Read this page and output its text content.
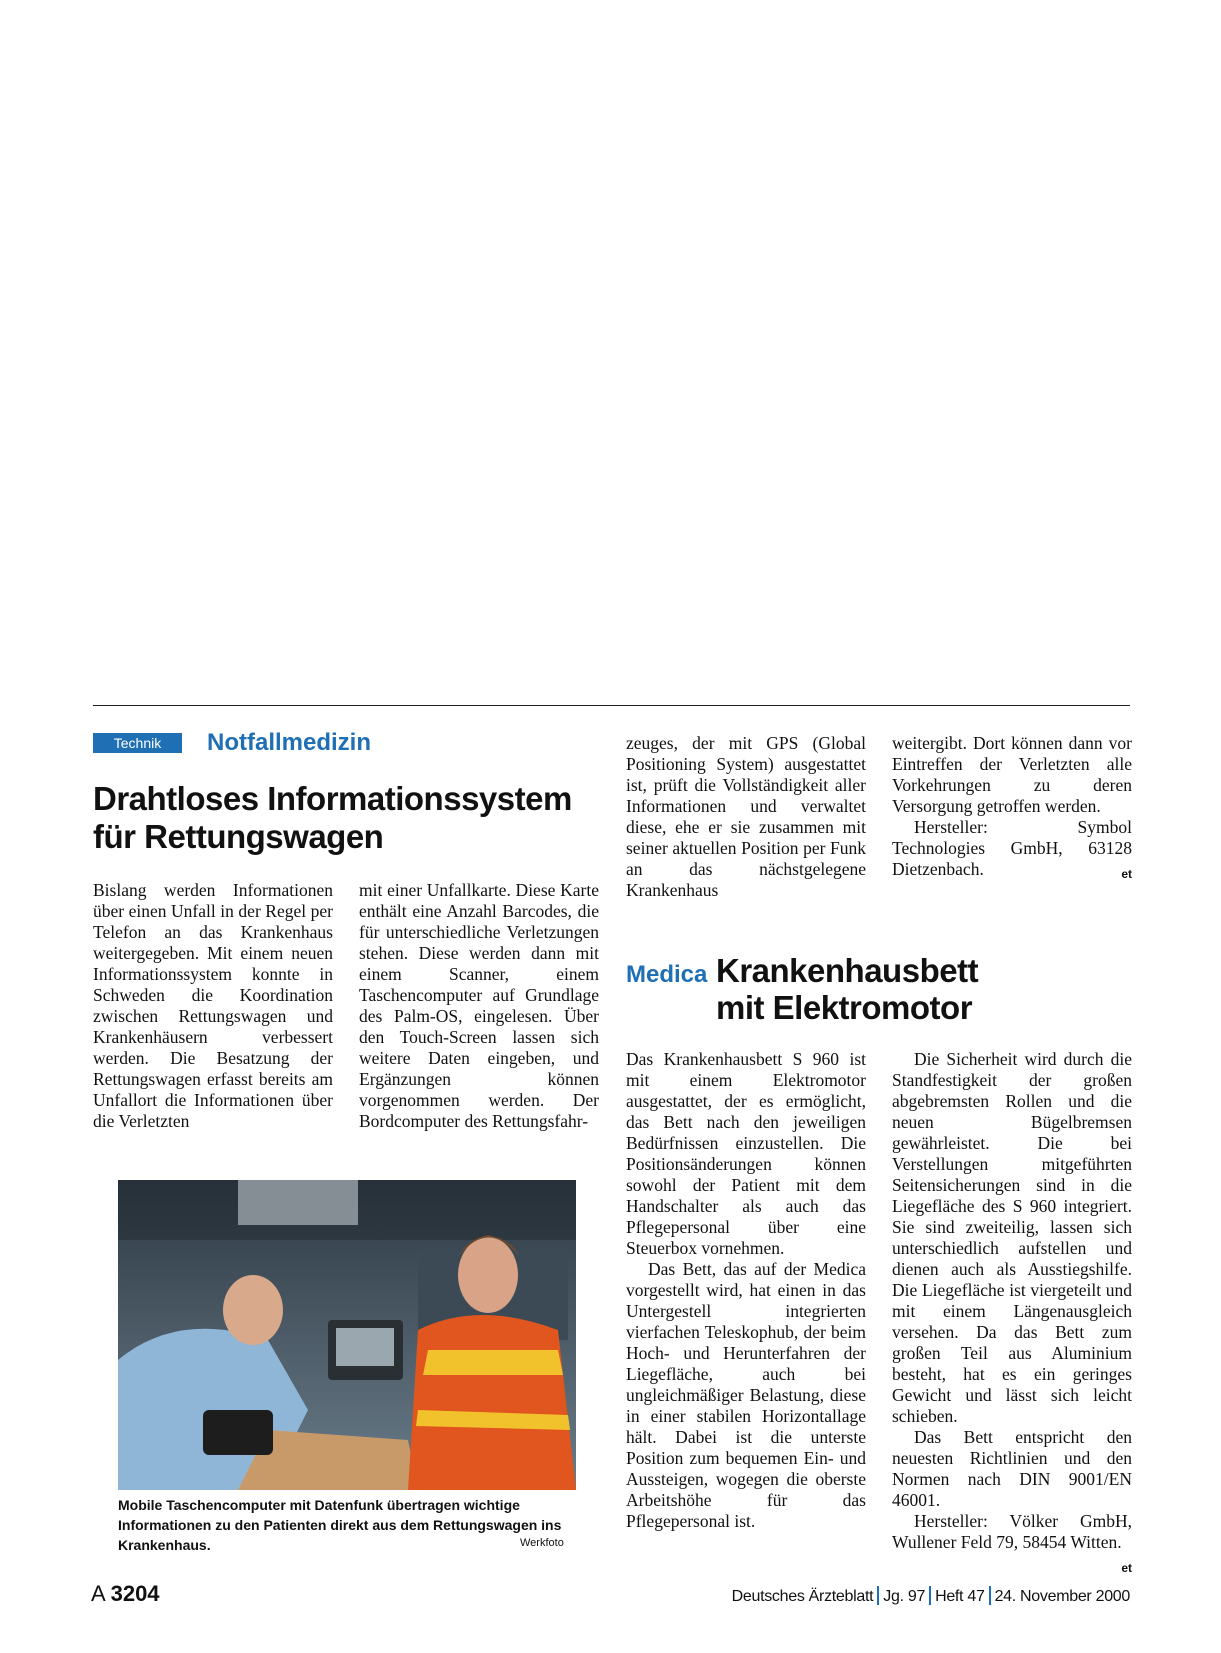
Technik	Notfallmedizin
Drahtloses Informationssystem für Rettungswagen

Bislang werden Informationen über einen Unfall in der Regel per Telefon an das Krankenhaus weitergegeben. Mit einem neuen Informationssystem konnte in Schweden die Koordination zwischen Rettungswagen und Krankenhäusern verbessert werden. Die Besatzung der Rettungswagen erfasst bereits am Unfallort die Informationen über die Verletzten

mit einer Unfallkarte. Diese Karte enthält eine Anzahl Barcodes, die für unterschiedliche Verletzungen stehen. Diese werden dann mit einem Scanner, einem Taschencomputer auf Grundlage des Palm-OS, eingelesen. Über den Touch-Screen lassen sich weitere Daten eingeben, und Ergänzungen können vorgenommen werden. Der Bordcomputer des Rettungsfahr-

zeuges, der mit GPS (Global Positioning System) ausgestattet ist, prüft die Vollständigkeit aller Informationen und verwaltet diese, ehe er sie zusammen mit seiner aktuellen Position per Funk an das nächstgelegene Krankenhaus

weitergibt. Dort können dann vor Eintreffen der Verletzten alle Vorkehrungen zu deren Versorgung getroffen werden.

Hersteller: Symbol Technologies GmbH, 63128 Dietzenbach.	et

Mobile Taschencomputer mit Datenfunk übertragen wichtige Informationen zu den Patienten direkt aus dem Rettungswagen ins Krankenhaus.	Werkfoto
Medica Krankenhausbett
mit Elektromotor

Das Krankenhausbett S 960 ist mit einem Elektromotor ausgestattet, der es ermöglicht, das Bett nach den jeweiligen Bedürfnissen einzustellen. Die Positionsänderungen können sowohl der Patient mit dem Handschalter als auch das Pflegepersonal über eine Steuerbox vornehmen.

Das Bett, das auf der Medica vorgestellt wird, hat einen in das Untergestell integrierten vierfachen Teleskophub, der beim Hoch- und Herunterfahren der Liegefläche, auch bei ungleichmäßiger Belastung, diese in einer stabilen Horizontallage hält. Dabei ist die unterste Position zum bequemen Ein- und Aussteigen, wogegen die oberste Arbeitshöhe für das Pflegepersonal ist.

Die Sicherheit wird durch die Standfestigkeit der großen abgebremsten Rollen und die neuen Bügelbremsen gewährleistet. Die bei Verstellungen mitgeführten Seitensicherungen sind in die Liegefläche des S 960 integriert. Sie sind zweiteilig, lassen sich unterschiedlich aufstellen und dienen auch als Ausstiegshilfe. Die Liegefläche ist viergeteilt und mit einem Längenausgleich versehen. Da das Bett zum großen Teil aus Aluminium besteht, hat es ein geringes Gewicht und lässt sich leicht schieben.

Das Bett entspricht den neuesten Richtlinien und den Normen nach DIN 9001/EN 46001.

Hersteller: Völker GmbH, Wullener Feld 79, 58454 Witten.
et

A 3204	Deutsches Ärzteblatt Jg. 97 Heft 47 24. November 2000
